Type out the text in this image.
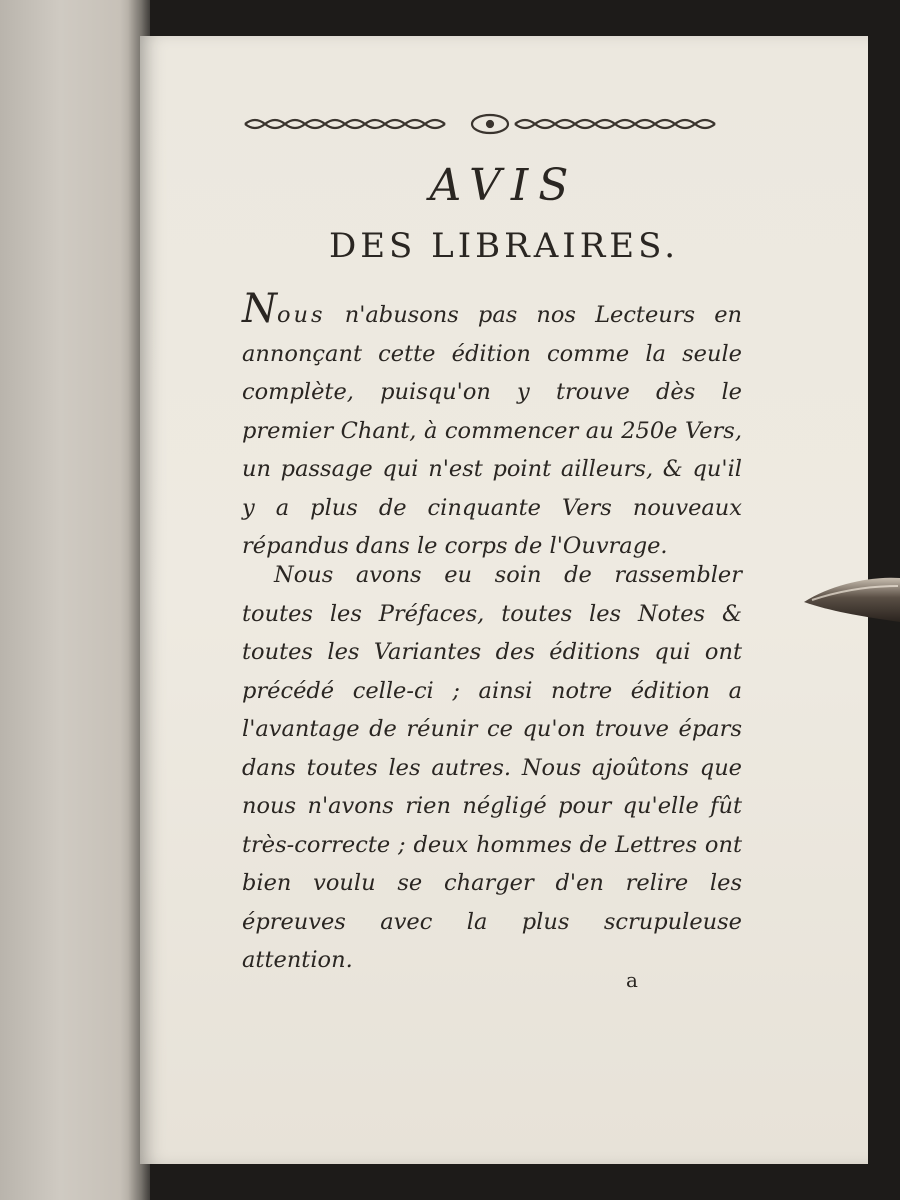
AVIS
DES LIBRAIRES.
Nous n'abusons pas nos Lecteurs en annonçant cette édition comme la seule complète, puisqu'on y trouve dès le premier Chant, à commencer au 250e Vers, un passage qui n'est point ailleurs, & qu'il y a plus de cinquante Vers nouveaux répandus dans le corps de l'Ouvrage.
Nous avons eu soin de rassembler toutes les Préfaces, toutes les Notes & toutes les Variantes des éditions qui ont précédé celle-ci ; ainsi notre édition a l'avantage de réunir ce qu'on trouve épars dans toutes les autres. Nous ajoûtons que nous n'avons rien négligé pour qu'elle fût très-correcte ; deux hommes de Lettres ont bien voulu se charger d'en relire les épreuves avec la plus scrupuleuse attention.
a
